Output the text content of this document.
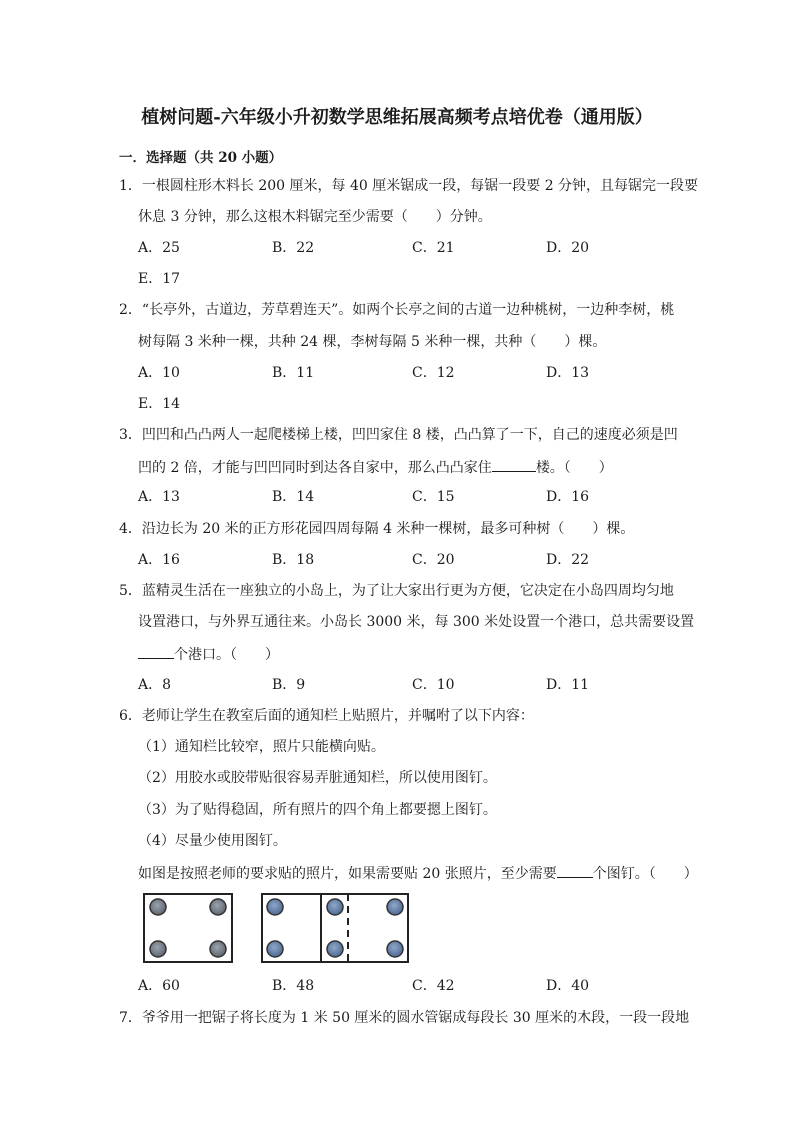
植树问题-六年级小升初数学思维拓展高频考点培优卷（通用版）
一．选择题（共 20 小题）
1．一根圆柱形木料长 200 厘米，每 40 厘米锯成一段，每锯一段要 2 分钟，且每锯完一段要
休息 3 分钟，那么这根木料锯完至少需要（　　）分钟。
A．25	B．22	C．21	D．20
E．17
2．“长亭外，古道边，芳草碧连天”。如两个长亭之间的古道一边种桃树，一边种李树，桃
树每隔 3 米种一棵，共种 24 棵，李树每隔 5 米种一棵，共种（　　）棵。
A．10	B．11	C．12	D．13
E．14
3．凹凹和凸凸两人一起爬楼梯上楼，凹凹家住 8 楼，凸凸算了一下，自己的速度必须是凹
凹的 2 倍，才能与凹凹同时到达各自家中，那么凸凸家住	楼。（　　）
A．13	B．14	C．15	D．16
4．沿边长为 20 米的正方形花园四周每隔 4 米种一棵树，最多可种树（　　）棵。
A．16	B．18	C．20	D．22
5．蓝精灵生活在一座独立的小岛上，为了让大家出行更为方便，它决定在小岛四周均匀地
设置港口，与外界互通往来。小岛长 3000 米，每 300 米处设置一个港口，总共需要设置
个港口。（　　）
A．8	B．9	C．10	D．11
6．老师让学生在教室后面的通知栏上贴照片，并嘱咐了以下内容：
（1）通知栏比较窄，照片只能横向贴。
（2）用胶水或胶带贴很容易弄脏通知栏，所以使用图钉。
（3）为了贴得稳固，所有照片的四个角上都要摁上图钉。
（4）尽量少使用图钉。
如图是按照老师的要求贴的照片，如果需要贴 20 张照片，至少需要	个图钉。（　　）
A．60	B．48	C．42	D．40
7．爷爷用一把锯子将长度为 1 米 50 厘米的圆水管锯成每段长 30 厘米的木段，一段一段地
